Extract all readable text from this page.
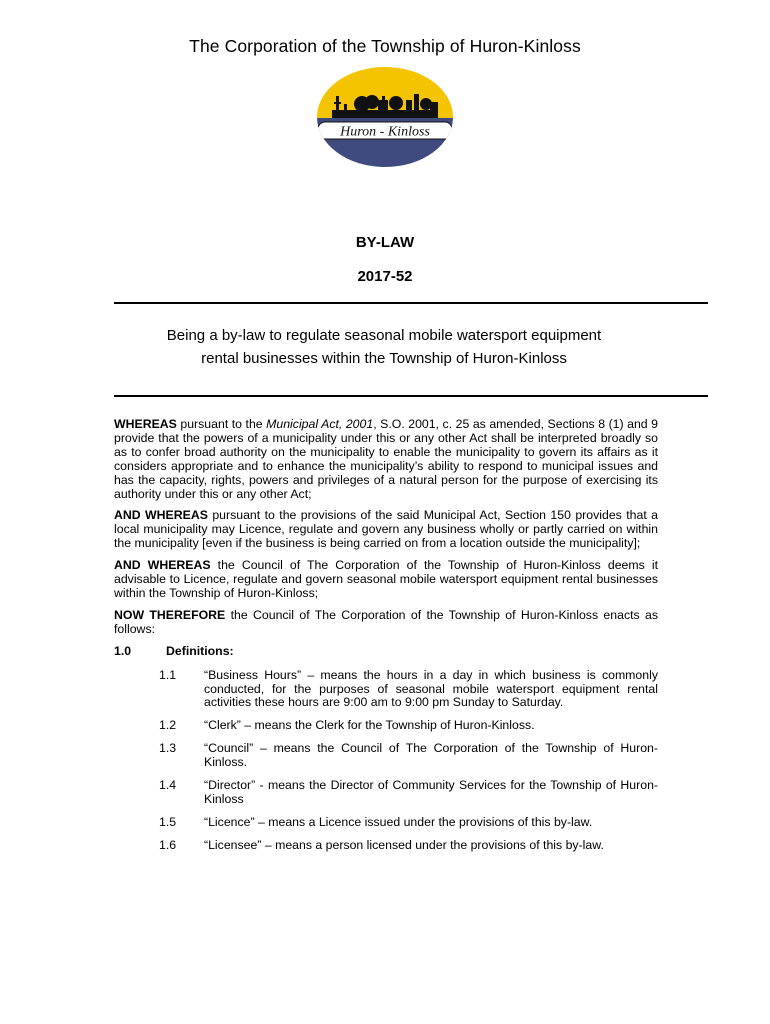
The Corporation of the Township of Huron-Kinloss
Huron - Kinloss
BY-LAW
2017-52
Being a by-law to regulate seasonal mobile watersport equipment
rental businesses within the Township of Huron-Kinloss

WHEREAS pursuant to the Municipal Act, 2001, S.O. 2001, c. 25 as amended, Sections 8 (1) and 9 provide that the powers of a municipality under this or any other Act shall be interpreted broadly so as to confer broad authority on the municipality to enable the municipality to govern its affairs as it considers appropriate and to enhance the municipality’s ability to respond to municipal issues and has the capacity, rights, powers and privileges of a natural person for the purpose of exercising its authority under this or any other Act;

AND WHEREAS pursuant to the provisions of the said Municipal Act, Section 150 provides that a local municipality may Licence, regulate and govern any business wholly or partly carried on within the municipality [even if the business is being carried on from a location outside the municipality];

AND WHEREAS the Council of The Corporation of the Township of Huron-Kinloss deems it advisable to Licence, regulate and govern seasonal mobile watersport equipment rental businesses within the Township of Huron-Kinloss;

NOW THEREFORE the Council of The Corporation of the Township of Huron-Kinloss enacts as follows:

1.0	Definitions:
1.1	“Business Hours” – means the hours in a day in which business is commonly conducted, for the purposes of seasonal mobile watersport equipment rental activities these hours are 9:00 am to 9:00 pm Sunday to Saturday.
1.2	“Clerk” – means the Clerk for the Township of Huron-Kinloss.
1.3	“Council” – means the Council of The Corporation of the Township of Huron-Kinloss.
1.4	“Director” - means the Director of Community Services for the Township of Huron-Kinloss
1.5	“Licence” – means a Licence issued under the provisions of this by-law.
1.6	“Licensee” – means a person licensed under the provisions of this by-law.
